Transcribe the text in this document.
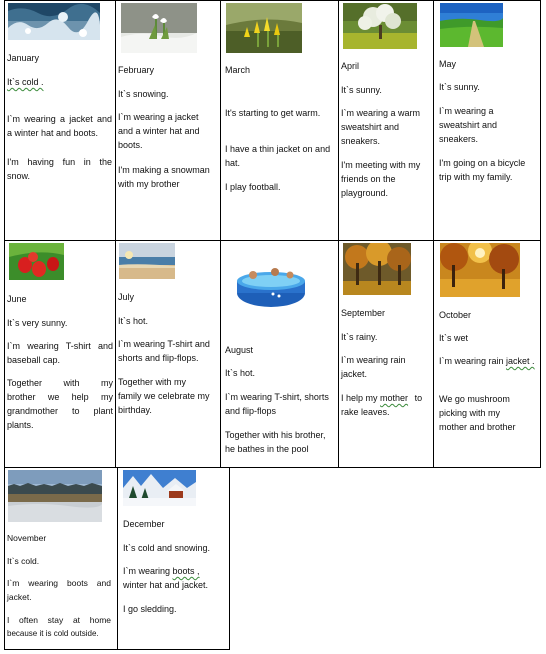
January
It`s cold .
I`m wearing a jacket and
a winter hat and boots.
I'm having fun in the
snow.
February
It`s snowing.
I`m wearing a jacket
and a winter hat and
boots.
I'm making a snowman
with my brother
March
It's starting to get warm.
I have a thin jacket on and
hat.
I play football.
April
It`s sunny.
I`m wearing a warm
sweatshirt and
sneakers.
I'm meeting with my
friends on the
playground.
May
It`s sunny.
I`m wearing a
sweatshirt and
sneakers.
I'm going on a bicycle
trip with my family.
June
It`s very sunny.
I`m wearing T-shirt and
baseball cap.
Together with my
brother we help my
grandmother to plant
plants.
July
It`s hot.
I`m wearing T-shirt and
shorts and flip-flops.
Together with my
family we celebrate my
birthday.
August
It`s hot.
I`m wearing T-shirt, shorts
and flip-flops
Together with his brother,
he bathes in the pool
September
It`s rainy.
I`m wearing rain
jacket.
I help my mother to
rake leaves.
October
It`s wet
I`m wearing rain jacket .
We go mushroom
picking with my
mother and brother
November
It`s cold.
I`m wearing boots and
jacket.
I often stay at home
because it is cold outside.
December
It`s cold and snowing.
I`m wearing boots ,
winter hat and jacket.
I go sledding.
